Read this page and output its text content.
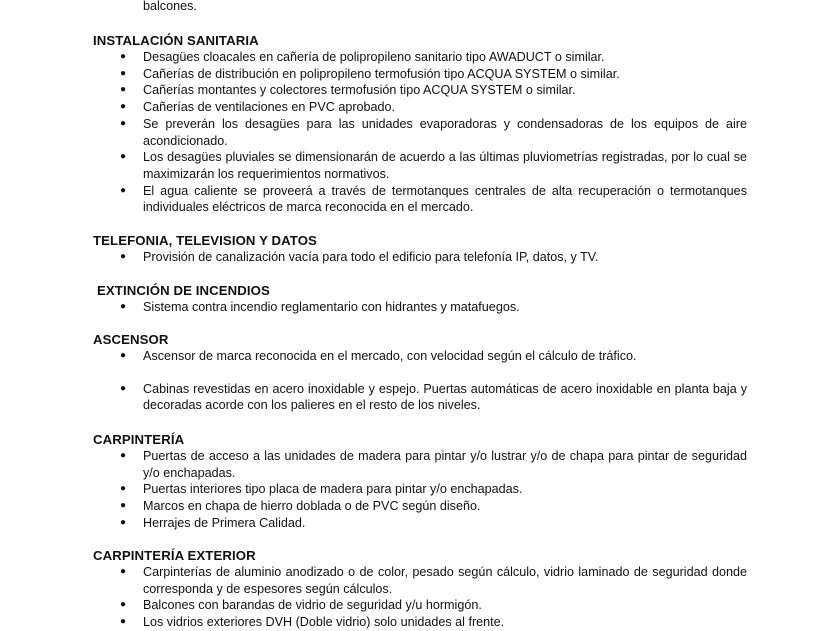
balcones.
INSTALACIÓN SANITARIA
● Desagües cloacales en cañería de polipropileno sanitario tipo AWADUCT o similar.
● Cañerías de distribución en polipropileno termofusión tipo ACQUA SYSTEM o similar.
● Cañerías montantes y colectores termofusión tipo ACQUA SYSTEM o similar.
● Cañerías de ventilaciones en PVC aprobado.
● Se preverán los desagües para las unidades evaporadoras y condensadoras de los equipos de aire acondicionado.
● Los desagües pluviales se dimensionarán de acuerdo a las últimas pluviometrías registradas, por lo cual se maximizarán los requerimientos normativos.
● El agua caliente se proveerá a través de termotanques centrales de alta recuperación o termotanques individuales eléctricos de marca reconocida en el mercado.
TELEFONIA, TELEVISION Y DATOS
● Provisión de canalización vacía para todo el edificio para telefonía IP, datos, y TV.
EXTINCIÓN DE INCENDIOS
● Sistema contra incendio reglamentario con hidrantes y matafuegos.
ASCENSOR
● Ascensor de marca reconocida en el mercado, con velocidad según el cálculo de tráfico.
● Cabinas revestidas en acero inoxidable y espejo. Puertas automáticas de acero inoxidable en planta baja y decoradas acorde con los palieres en el resto de los niveles.
CARPINTERÍA
● Puertas de acceso a las unidades de madera para pintar y/o lustrar y/o de chapa para pintar de seguridad y/o enchapadas.
● Puertas interiores tipo placa de madera para pintar y/o enchapadas.
● Marcos en chapa de hierro doblada o de PVC según diseño.
● Herrajes de Primera Calidad.
CARPINTERÍA EXTERIOR
● Carpinterías de aluminio anodizado o de color, pesado según cálculo, vidrio laminado de seguridad donde corresponda y de espesores según cálculos.
● Balcones con barandas de vidrio de seguridad y/u hormigón.
● Los vidrios exteriores DVH (Doble vidrio) solo unidades al frente.
